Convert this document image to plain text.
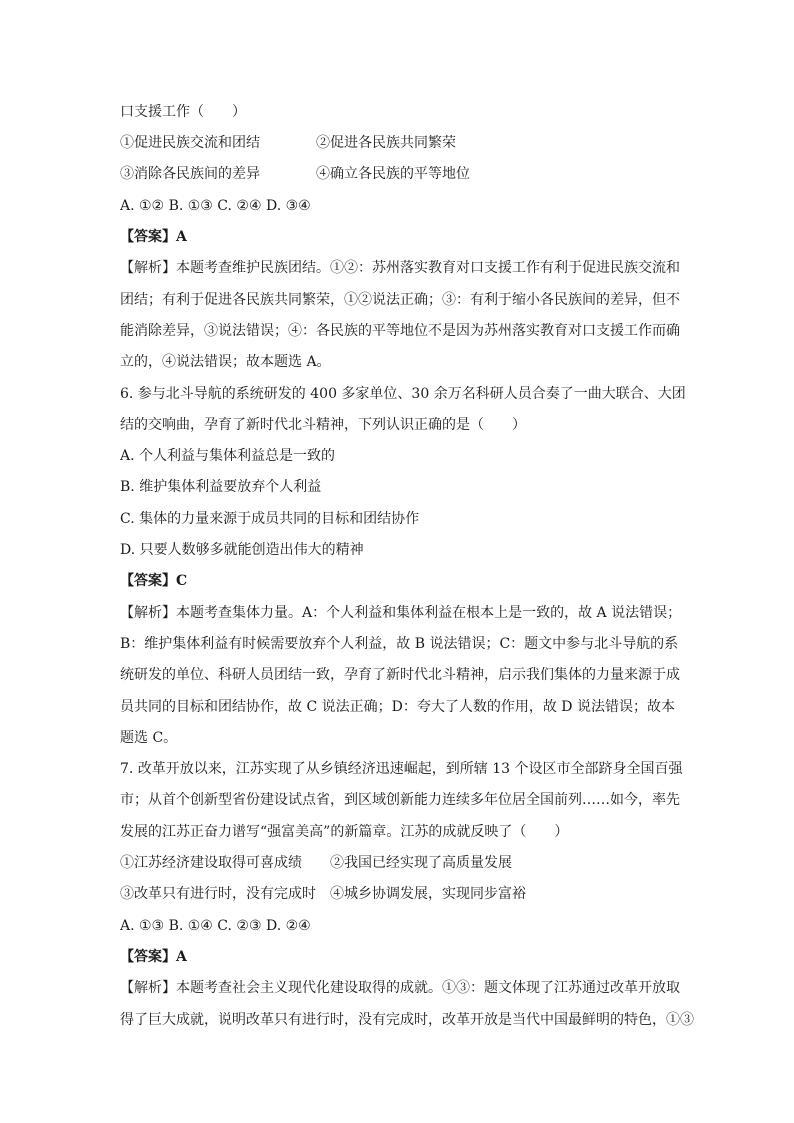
口支援工作（　　）
①促进民族交流和团结	②促进各民族共同繁荣
③消除各民族间的差异	④确立各民族的平等地位
A. ①② B. ①③ C. ②④ D. ③④
【答案】A
【解析】本题考查维护民族团结。①②：苏州落实教育对口支援工作有利于促进民族交流和
团结；有利于促进各民族共同繁荣，①②说法正确；③：有利于缩小各民族间的差异，但不
能消除差异，③说法错误；④：各民族的平等地位不是因为苏州落实教育对口支援工作而确
立的，④说法错误；故本题选 A。
6. 参与北斗导航的系统研发的 400 多家单位、30 余万名科研人员合奏了一曲大联合、大团
结的交响曲，孕育了新时代北斗精神，下列认识正确的是（　　）
A. 个人利益与集体利益总是一致的
B. 维护集体利益要放弃个人利益
C. 集体的力量来源于成员共同的目标和团结协作
D. 只要人数够多就能创造出伟大的精神
【答案】C
【解析】本题考查集体力量。A：个人利益和集体利益在根本上是一致的，故 A 说法错误；
B：维护集体利益有时候需要放弃个人利益，故 B 说法错误；C：题文中参与北斗导航的系
统研发的单位、科研人员团结一致，孕育了新时代北斗精神，启示我们集体的力量来源于成
员共同的目标和团结协作，故 C 说法正确；D：夸大了人数的作用，故 D 说法错误；故本
题选 C。
7. 改革开放以来，江苏实现了从乡镇经济迅速崛起，到所辖 13 个设区市全部跻身全国百强
市；从首个创新型省份建设试点省，到区域创新能力连续多年位居全国前列……如今，率先
发展的江苏正奋力谱写“强富美高”的新篇章。江苏的成就反映了（　　）
①江苏经济建设取得可喜成绩　　②我国已经实现了高质量发展
③改革只有进行时，没有完成时　④城乡协调发展，实现同步富裕
A. ①③ B. ①④ C. ②③ D. ②④
【答案】A
【解析】本题考查社会主义现代化建设取得的成就。①③：题文体现了江苏通过改革开放取
得了巨大成就，说明改革只有进行时，没有完成时，改革开放是当代中国最鲜明的特色，①③
